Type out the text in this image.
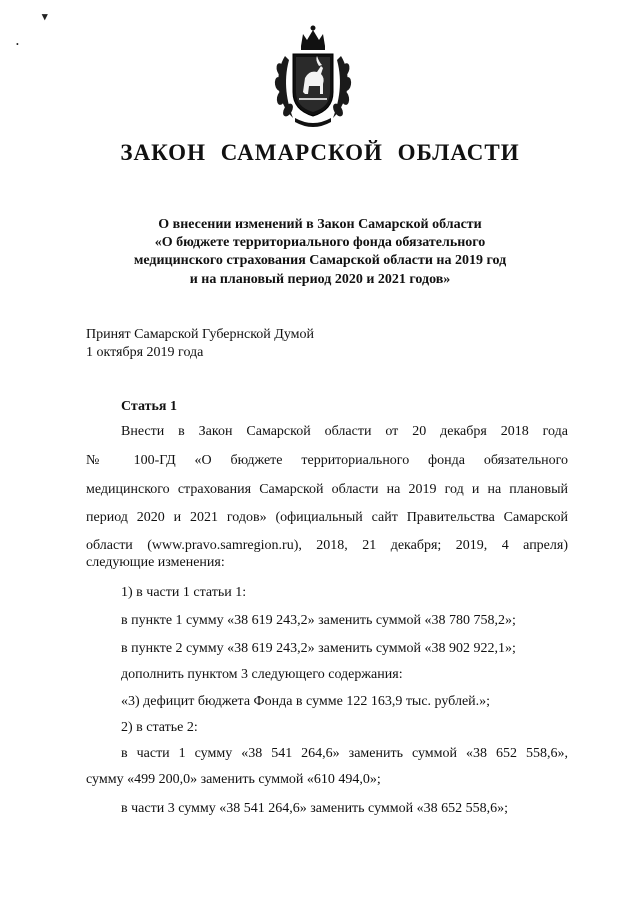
▾
•
ЗАКОН САМАРСКОЙ ОБЛАСТИ
О внесении изменений в Закон Самарской области
«О бюджете территориального фонда обязательного
медицинского страхования Самарской области на 2019 год
и на плановый период 2020 и 2021 годов»
Принят Самарской Губернской Думой
1 октября 2019 года
Статья 1
Внести в Закон Самарской области от 20 декабря 2018 года
№ 100-ГД «О бюджете территориального фонда обязательного
медицинского страхования Самарской области на 2019 год и на плановый
период 2020 и 2021 годов» (официальный сайт Правительства Самарской
области (www.pravo.samregion.ru), 2018, 21 декабря; 2019, 4 апреля)
следующие изменения:
1) в части 1 статьи 1:
в пункте 1 сумму «38 619 243,2» заменить суммой «38 780 758,2»;
в пункте 2 сумму «38 619 243,2» заменить суммой «38 902 922,1»;
дополнить пунктом 3 следующего содержания:
«3) дефицит бюджета Фонда в сумме 122 163,9 тыс. рублей.»;
2) в статье 2:
в части 1 сумму «38 541 264,6» заменить суммой «38 652 558,6»,
сумму «499 200,0» заменить суммой «610 494,0»;
в части 3 сумму «38 541 264,6» заменить суммой «38 652 558,6»;
